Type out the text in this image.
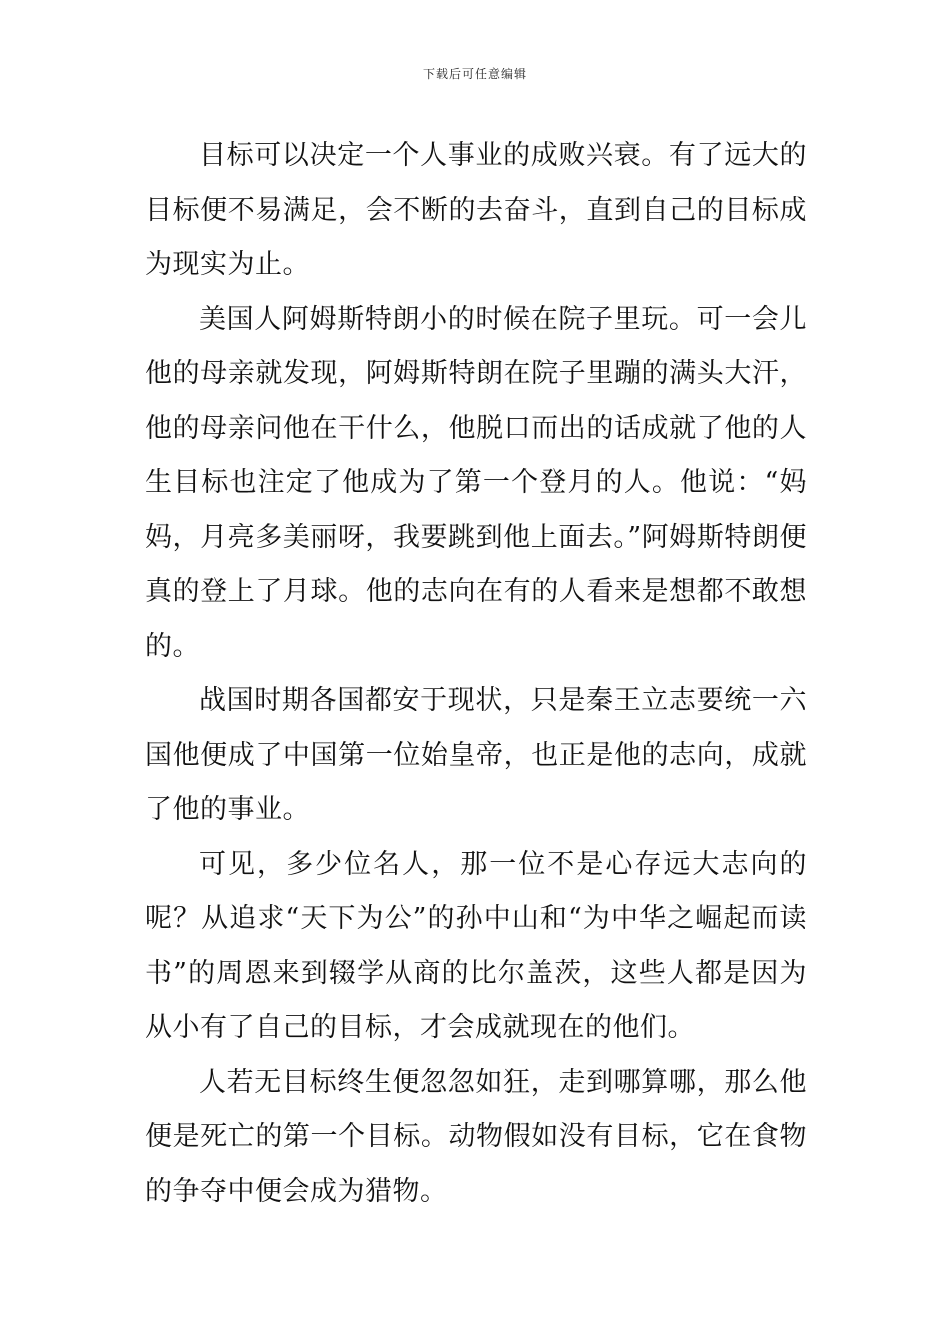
下载后可任意编辑

目标可以决定一个人事业的成败兴衰。有了远大的目标便不易满足，会不断的去奋斗，直到自己的目标成为现实为止。

美国人阿姆斯特朗小的时候在院子里玩。可一会儿他的母亲就发现，阿姆斯特朗在院子里蹦的满头大汗，他的母亲问他在干什么，他脱口而出的话成就了他的人生目标也注定了他成为了第一个登月的人。他说：“妈妈，月亮多美丽呀，我要跳到他上面去。”阿姆斯特朗便真的登上了月球。他的志向在有的人看来是想都不敢想的。

战国时期各国都安于现状，只是秦王立志要统一六国他便成了中国第一位始皇帝，也正是他的志向，成就了他的事业。

可见，多少位名人，那一位不是心存远大志向的呢？从追求“天下为公”的孙中山和“为中华之崛起而读书”的周恩来到辍学从商的比尔盖茨，这些人都是因为从小有了自己的目标，才会成就现在的他们。

人若无目标终生便忽忽如狂，走到哪算哪，那么他便是死亡的第一个目标。动物假如没有目标，它在食物的争夺中便会成为猎物。
